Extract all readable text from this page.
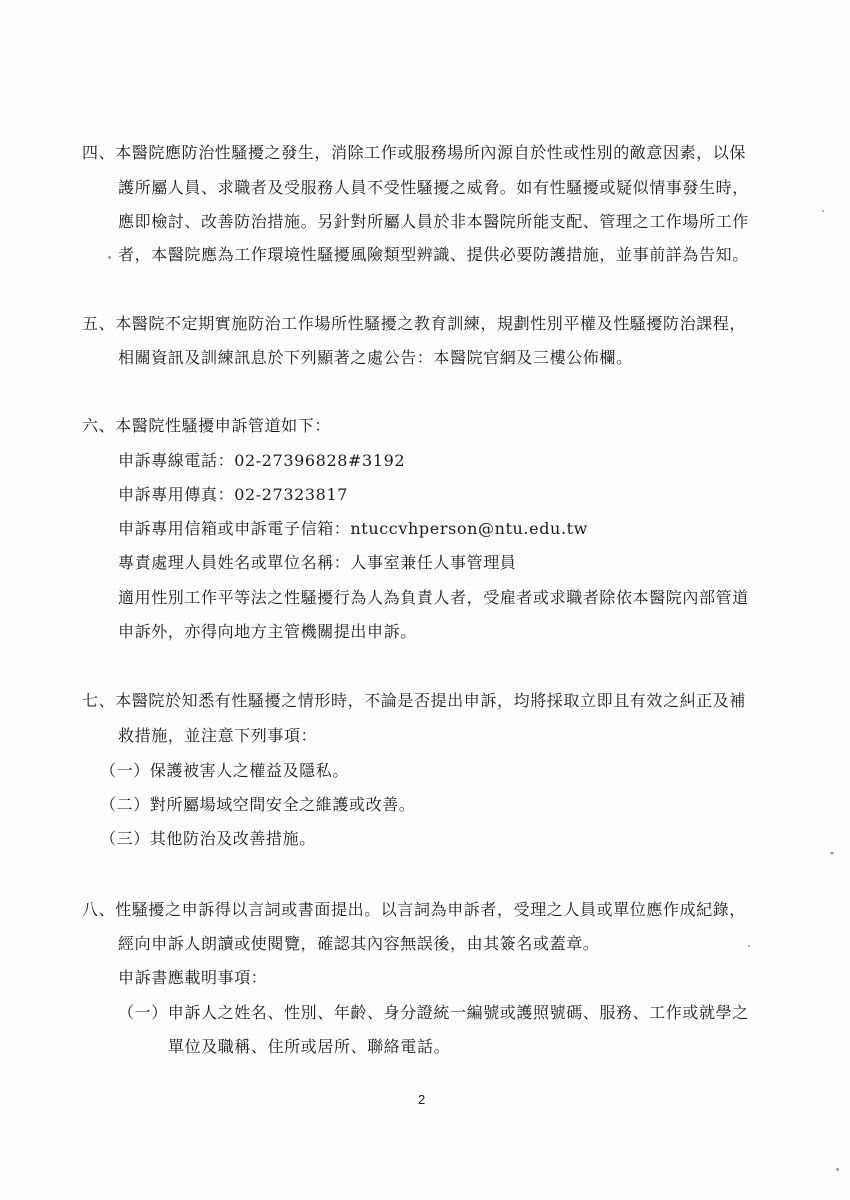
四、本醫院應防治性騷擾之發生，消除工作或服務場所內源自於性或性別的敵意因素，以保
護所屬人員、求職者及受服務人員不受性騷擾之威脅。如有性騷擾或疑似情事發生時，
應即檢討、改善防治措施。另針對所屬人員於非本醫院所能支配、管理之工作場所工作
者，本醫院應為工作環境性騷擾風險類型辨識、提供必要防護措施，並事前詳為告知。
五、本醫院不定期實施防治工作場所性騷擾之教育訓練，規劃性別平權及性騷擾防治課程，
相關資訊及訓練訊息於下列顯著之處公告：本醫院官網及三樓公佈欄。
六、本醫院性騷擾申訴管道如下：
申訴專線電話：02-27396828#3192
申訴專用傳真：02-27323817
申訴專用信箱或申訴電子信箱：ntuccvhperson@ntu.edu.tw
專責處理人員姓名或單位名稱：人事室兼任人事管理員
適用性別工作平等法之性騷擾行為人為負責人者，受雇者或求職者除依本醫院內部管道
申訴外，亦得向地方主管機關提出申訴。
七、本醫院於知悉有性騷擾之情形時，不論是否提出申訴，均將採取立即且有效之糾正及補
救措施，並注意下列事項：
（一）保護被害人之權益及隱私。
（二）對所屬場域空間安全之維護或改善。
（三）其他防治及改善措施。
八、性騷擾之申訴得以言詞或書面提出。以言詞為申訴者，受理之人員或單位應作成紀錄，
經向申訴人朗讀或使閱覽，確認其內容無誤後，由其簽名或蓋章。
申訴書應載明事項：
（一）申訴人之姓名、性別、年齡、身分證統一編號或護照號碼、服務、工作或就學之
單位及職稱、住所或居所、聯絡電話。
2
